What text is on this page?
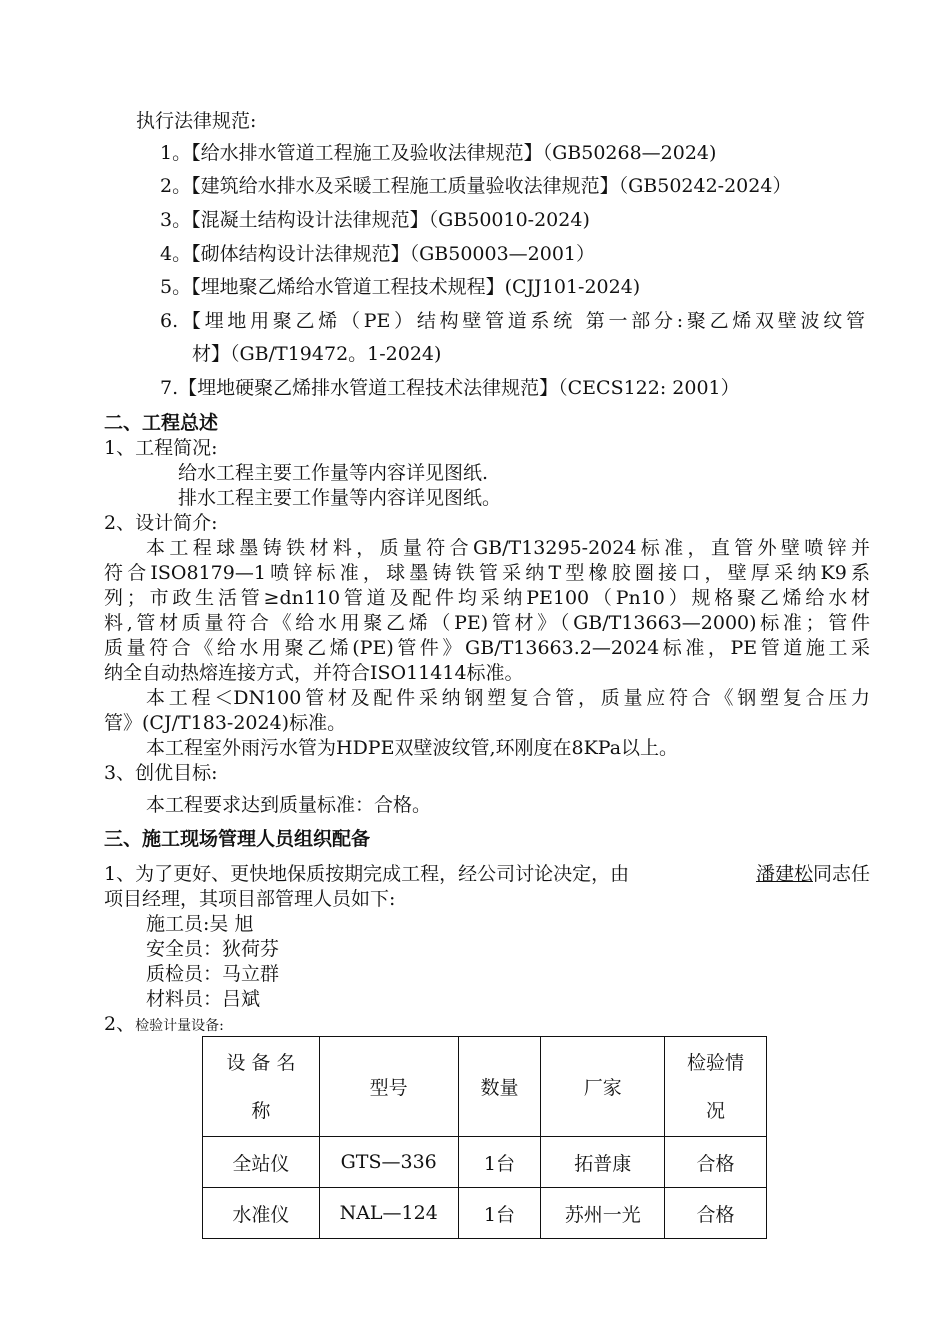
执行法律规范:
1。【给水排水管道工程施工及验收法律规范】（GB50268—2024)
2。【建筑给水排水及采暖工程施工质量验收法律规范】（GB50242-2024）
3。【混凝土结构设计法律规范】（GB50010-2024)
4。【砌体结构设计法律规范】（GB50003—2001）
5。【埋地聚乙烯给水管道工程技术规程】(CJJ101-2024)
6.【埋地用聚乙烯（PE）结构壁管道系统 第一部分:聚乙烯双壁波纹管
材】（GB/T19472。1-2024)
7.【埋地硬聚乙烯排水管道工程技术法律规范】（CECS122: 2001）
二、工程总述
1、工程简况:
给水工程主要工作量等内容详见图纸.
排水工程主要工作量等内容详见图纸。
2、设计简介:
本工程球墨铸铁材料，质量符合GB/T13295-2024标准，直管外壁喷锌并
符合ISO8179—1喷锌标准，球墨铸铁管采纳T型橡胶圈接口，壁厚采纳K9系
列；市政生活管≥dn110管道及配件均采纳PE100（Pn10）规格聚乙烯给水材
料,管材质量符合《给水用聚乙烯（PE)管材》（GB/T13663—2000)标准；管件
质量符合《给水用聚乙烯(PE)管件》GB/T13663.2—2024标准，PE管道施工采
纳全自动热熔连接方式，并符合ISO11414标准。
本工程＜DN100管材及配件采纳钢塑复合管，质量应符合《钢塑复合压力
管》(CJ/T183-2024)标准。
本工程室外雨污水管为HDPE双壁波纹管,环刚度在8KPa以上。
3、创优目标:
本工程要求达到质量标准：合格。
三、施工现场管理人员组织配备
1、为了更好、更快地保质按期完成工程，经公司讨论决定，由	潘建松同志任
项目经理，其项目部管理人员如下:
施工员:吴 旭
安全员：狄荷芬
质检员：马立群
材料员：吕斌
2、检验计量设备:
设 备 名 称	型号	数量	厂家	检验情况

全站仪	GTS—336	1台	拓普康	合格
水准仪	NAL—124	1台	苏州一光	合格
